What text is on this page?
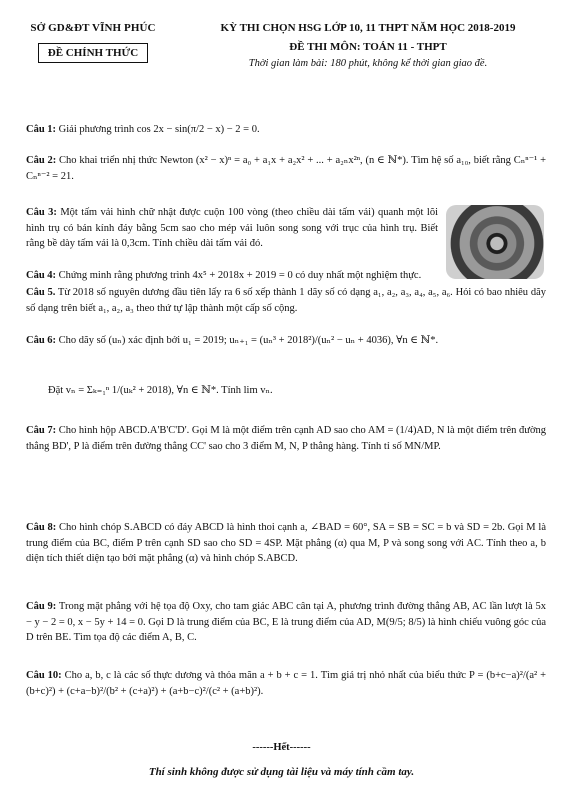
SỞ GD&ĐT VĨNH PHÚC
ĐỀ CHÍNH THỨC
KỲ THI CHỌN HSG LỚP 10, 11 THPT NĂM HỌC 2018-2019
ĐỀ THI MÔN: TOÁN 11 - THPT
Thời gian làm bài: 180 phút, không kể thời gian giao đề.
Câu 1: Giải phương trình cos 2x − sin(π/2 − x) − 2 = 0.
Câu 2: Cho khai triển nhị thức Newton (x² − x)ⁿ = a₀ + a₁x + a₂x² + ... + a₂ₙx²ⁿ, (n ∈ ℕ*). Tìm hệ số a₁₀, biết rằng Cₙⁿ⁻¹ + Cₙⁿ⁻² = 21.
Câu 3: Một tấm vải hình chữ nhật được cuộn 100 vòng (theo chiều dài tấm vải) quanh một lõi hình trụ có bán kính đáy bằng 5cm sao cho mép vải luôn song song với trục của hình trụ. Biết rằng bề dày tấm vải là 0,3cm. Tính chiều dài tấm vải đó.
Câu 4: Chứng minh rằng phương trình 4x⁵ + 2018x + 2019 = 0 có duy nhất một nghiệm thực.
Câu 5. Từ 2018 số nguyên dương đầu tiên lấy ra 6 số xếp thành 1 dãy số có dạng a₁, a₂, a₃, a₄, a₅, a₆. Hỏi có bao nhiêu dãy số dạng trên biết a₁, a₂, a₃ theo thứ tự lập thành một cấp số cộng.
Câu 6: Cho dãy số (uₙ) xác định bởi u₁ = 2019; uₙ₊₁ = (uₙ³ + 2018²)/(uₙ² − uₙ + 4036), ∀n ∈ ℕ*.
Đặt vₙ = Σₖ₌₁ⁿ 1/(uₖ² + 2018), ∀n ∈ ℕ*. Tính lim vₙ.
Câu 7: Cho hình hộp ABCD.A'B'C'D'. Gọi M là một điểm trên cạnh AD sao cho AM = (1/4)AD, N là một điểm trên đường thẳng BD', P là điểm trên đường thẳng CC' sao cho 3 điểm M, N, P thẳng hàng. Tính tỉ số MN/MP.
Câu 8: Cho hình chóp S.ABCD có đáy ABCD là hình thoi cạnh a, ∠BAD = 60°, SA = SB = SC = b và SD = 2b. Gọi M là trung điểm của BC, điểm P trên cạnh SD sao cho SD = 4SP. Mặt phẳng (α) qua M, P và song song với AC. Tính theo a, b diện tích thiết diện tạo bởi mặt phẳng (α) và hình chóp S.ABCD.
Câu 9: Trong mặt phẳng với hệ tọa độ Oxy, cho tam giác ABC cân tại A, phương trình đường thẳng AB, AC lần lượt là 5x − y − 2 = 0, x − 5y + 14 = 0. Gọi D là trung điểm của BC, E là trung điểm của AD, M(9/5; 8/5) là hình chiếu vuông góc của D trên BE. Tìm tọa độ các điểm A, B, C.
Câu 10: Cho a, b, c là các số thực dương và thỏa mãn a + b + c = 1. Tìm giá trị nhỏ nhất của biểu thức P = (b+c−a)²/(a² + (b+c)²) + (c+a−b)²/(b² + (c+a)²) + (a+b−c)²/(c² + (a+b)²).
------Hết------
Thí sinh không được sử dụng tài liệu và máy tính cầm tay.
